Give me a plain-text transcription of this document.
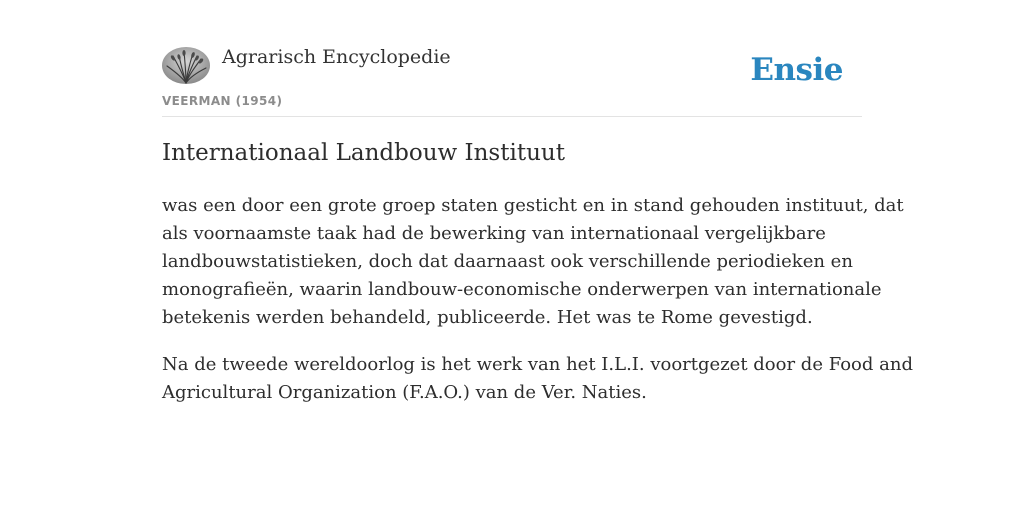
Agrarisch Encyclopedie
VEERMAN (1954)
Ensie
Internationaal Landbouw Instituut

was een door een grote groep staten gesticht en in stand gehouden instituut, dat
als voornaamste taak had de bewerking van internationaal vergelijkbare
landbouwstatistieken, doch dat daarnaast ook verschillende periodieken en
monografieën, waarin landbouw-economische onderwerpen van internationale
betekenis werden behandeld, publiceerde. Het was te Rome gevestigd.

Na de tweede wereldoorlog is het werk van het I.L.I. voortgezet door de Food and
Agricultural Organization (F.A.O.) van de Ver. Naties.
